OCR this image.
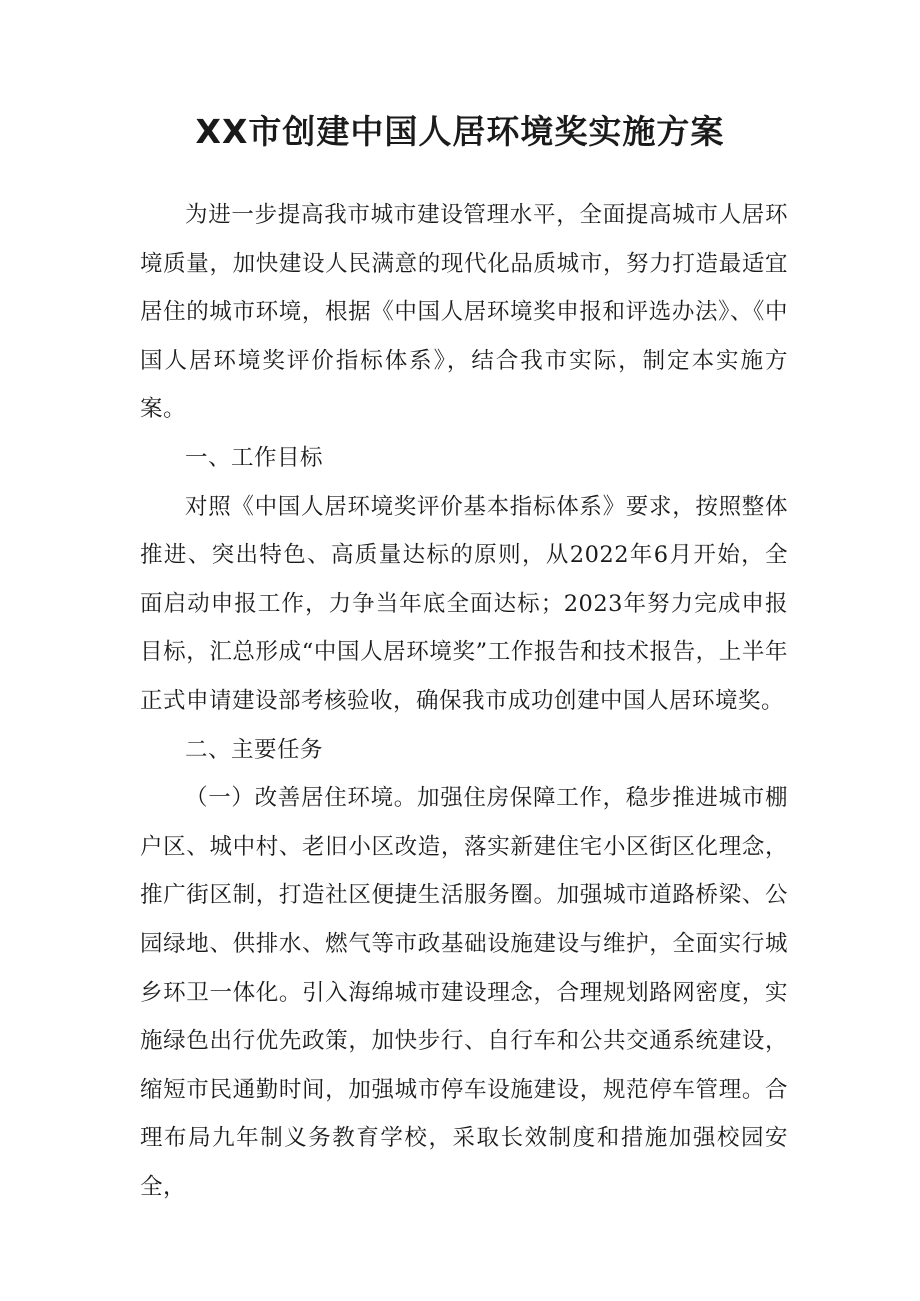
XX市创建中国人居环境奖实施方案

为进一步提高我市城市建设管理水平，全面提高城市人居环境质量，加快建设人民满意的现代化品质城市，努力打造最适宜居住的城市环境，根据《中国人居环境奖申报和评选办法》、《中国人居环境奖评价指标体系》，结合我市实际，制定本实施方案。

一、工作目标

对照《中国人居环境奖评价基本指标体系》要求，按照整体推进、突出特色、高质量达标的原则，从2022年6月开始，全面启动申报工作，力争当年底全面达标；2023年努力完成申报目标，汇总形成“中国人居环境奖”工作报告和技术报告，上半年正式申请建设部考核验收，确保我市成功创建中国人居环境奖。

二、主要任务

（一）改善居住环境。加强住房保障工作，稳步推进城市棚户区、城中村、老旧小区改造，落实新建住宅小区街区化理念，推广街区制，打造社区便捷生活服务圈。加强城市道路桥梁、公园绿地、供排水、燃气等市政基础设施建设与维护，全面实行城乡环卫一体化。引入海绵城市建设理念，合理规划路网密度，实施绿色出行优先政策，加快步行、自行车和公共交通系统建设，缩短市民通勤时间，加强城市停车设施建设，规范停车管理。合理布局九年制义务教育学校，采取长效制度和措施加强校园安全，
